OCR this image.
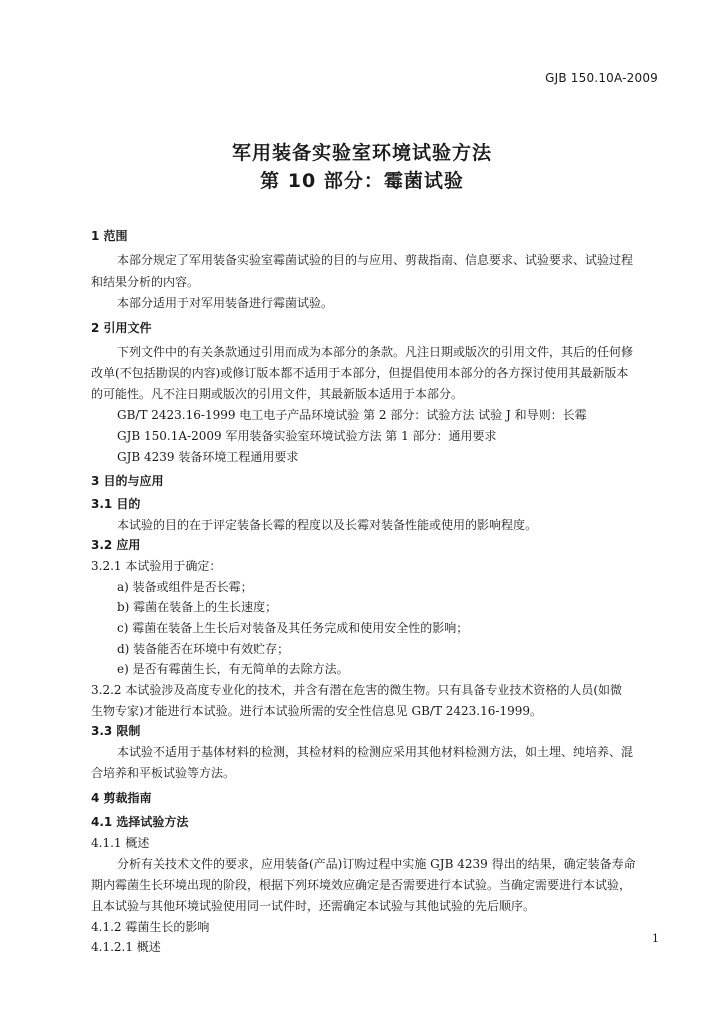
GJB 150.10A-2009
军用装备实验室环境试验方法
第 10 部分：霉菌试验
1 范围
本部分规定了军用装备实验室霉菌试验的目的与应用、剪裁指南、信息要求、试验要求、试验过程
和结果分析的内容。
本部分适用于对军用装备进行霉菌试验。
2 引用文件
下列文件中的有关条款通过引用而成为本部分的条款。凡注日期或版次的引用文件，其后的任何修
改单(不包括勘误的内容)或修订版本都不适用于本部分，但提倡使用本部分的各方探讨使用其最新版本
的可能性。凡不注日期或版次的引用文件，其最新版本适用于本部分。
GB/T 2423.16-1999 电工电子产品环境试验 第 2 部分：试验方法 试验 J 和导则：长霉
GJB 150.1A-2009 军用装备实验室环境试验方法 第 1 部分：通用要求
GJB 4239 装备环境工程通用要求
3 目的与应用
3.1 目的
本试验的目的在于评定装备长霉的程度以及长霉对装备性能或使用的影响程度。
3.2 应用
3.2.1 本试验用于确定：
a) 装备或组件是否长霉；
b) 霉菌在装备上的生长速度；
c) 霉菌在装备上生长后对装备及其任务完成和使用安全性的影响；
d) 装备能否在环境中有效贮存；
e) 是否有霉菌生长，有无简单的去除方法。
3.2.2 本试验涉及高度专业化的技术，并含有潜在危害的微生物。只有具备专业技术资格的人员(如微
生物专家)才能进行本试验。进行本试验所需的安全性信息见 GB/T 2423.16-1999。
3.3 限制
本试验不适用于基体材料的检测，其检材料的检测应采用其他材料检测方法，如土埋、纯培养、混
合培养和平板试验等方法。
4 剪裁指南
4.1 选择试验方法
4.1.1 概述
分析有关技术文件的要求，应用装备(产品)订购过程中实施 GJB 4239 得出的结果，确定装备寿命
期内霉菌生长环境出现的阶段，根据下列环境效应确定是否需要进行本试验。当确定需要进行本试验，
且本试验与其他环境试验使用同一试件时，还需确定本试验与其他试验的先后顺序。
4.1.2 霉菌生长的影响
4.1.2.1 概述
1
